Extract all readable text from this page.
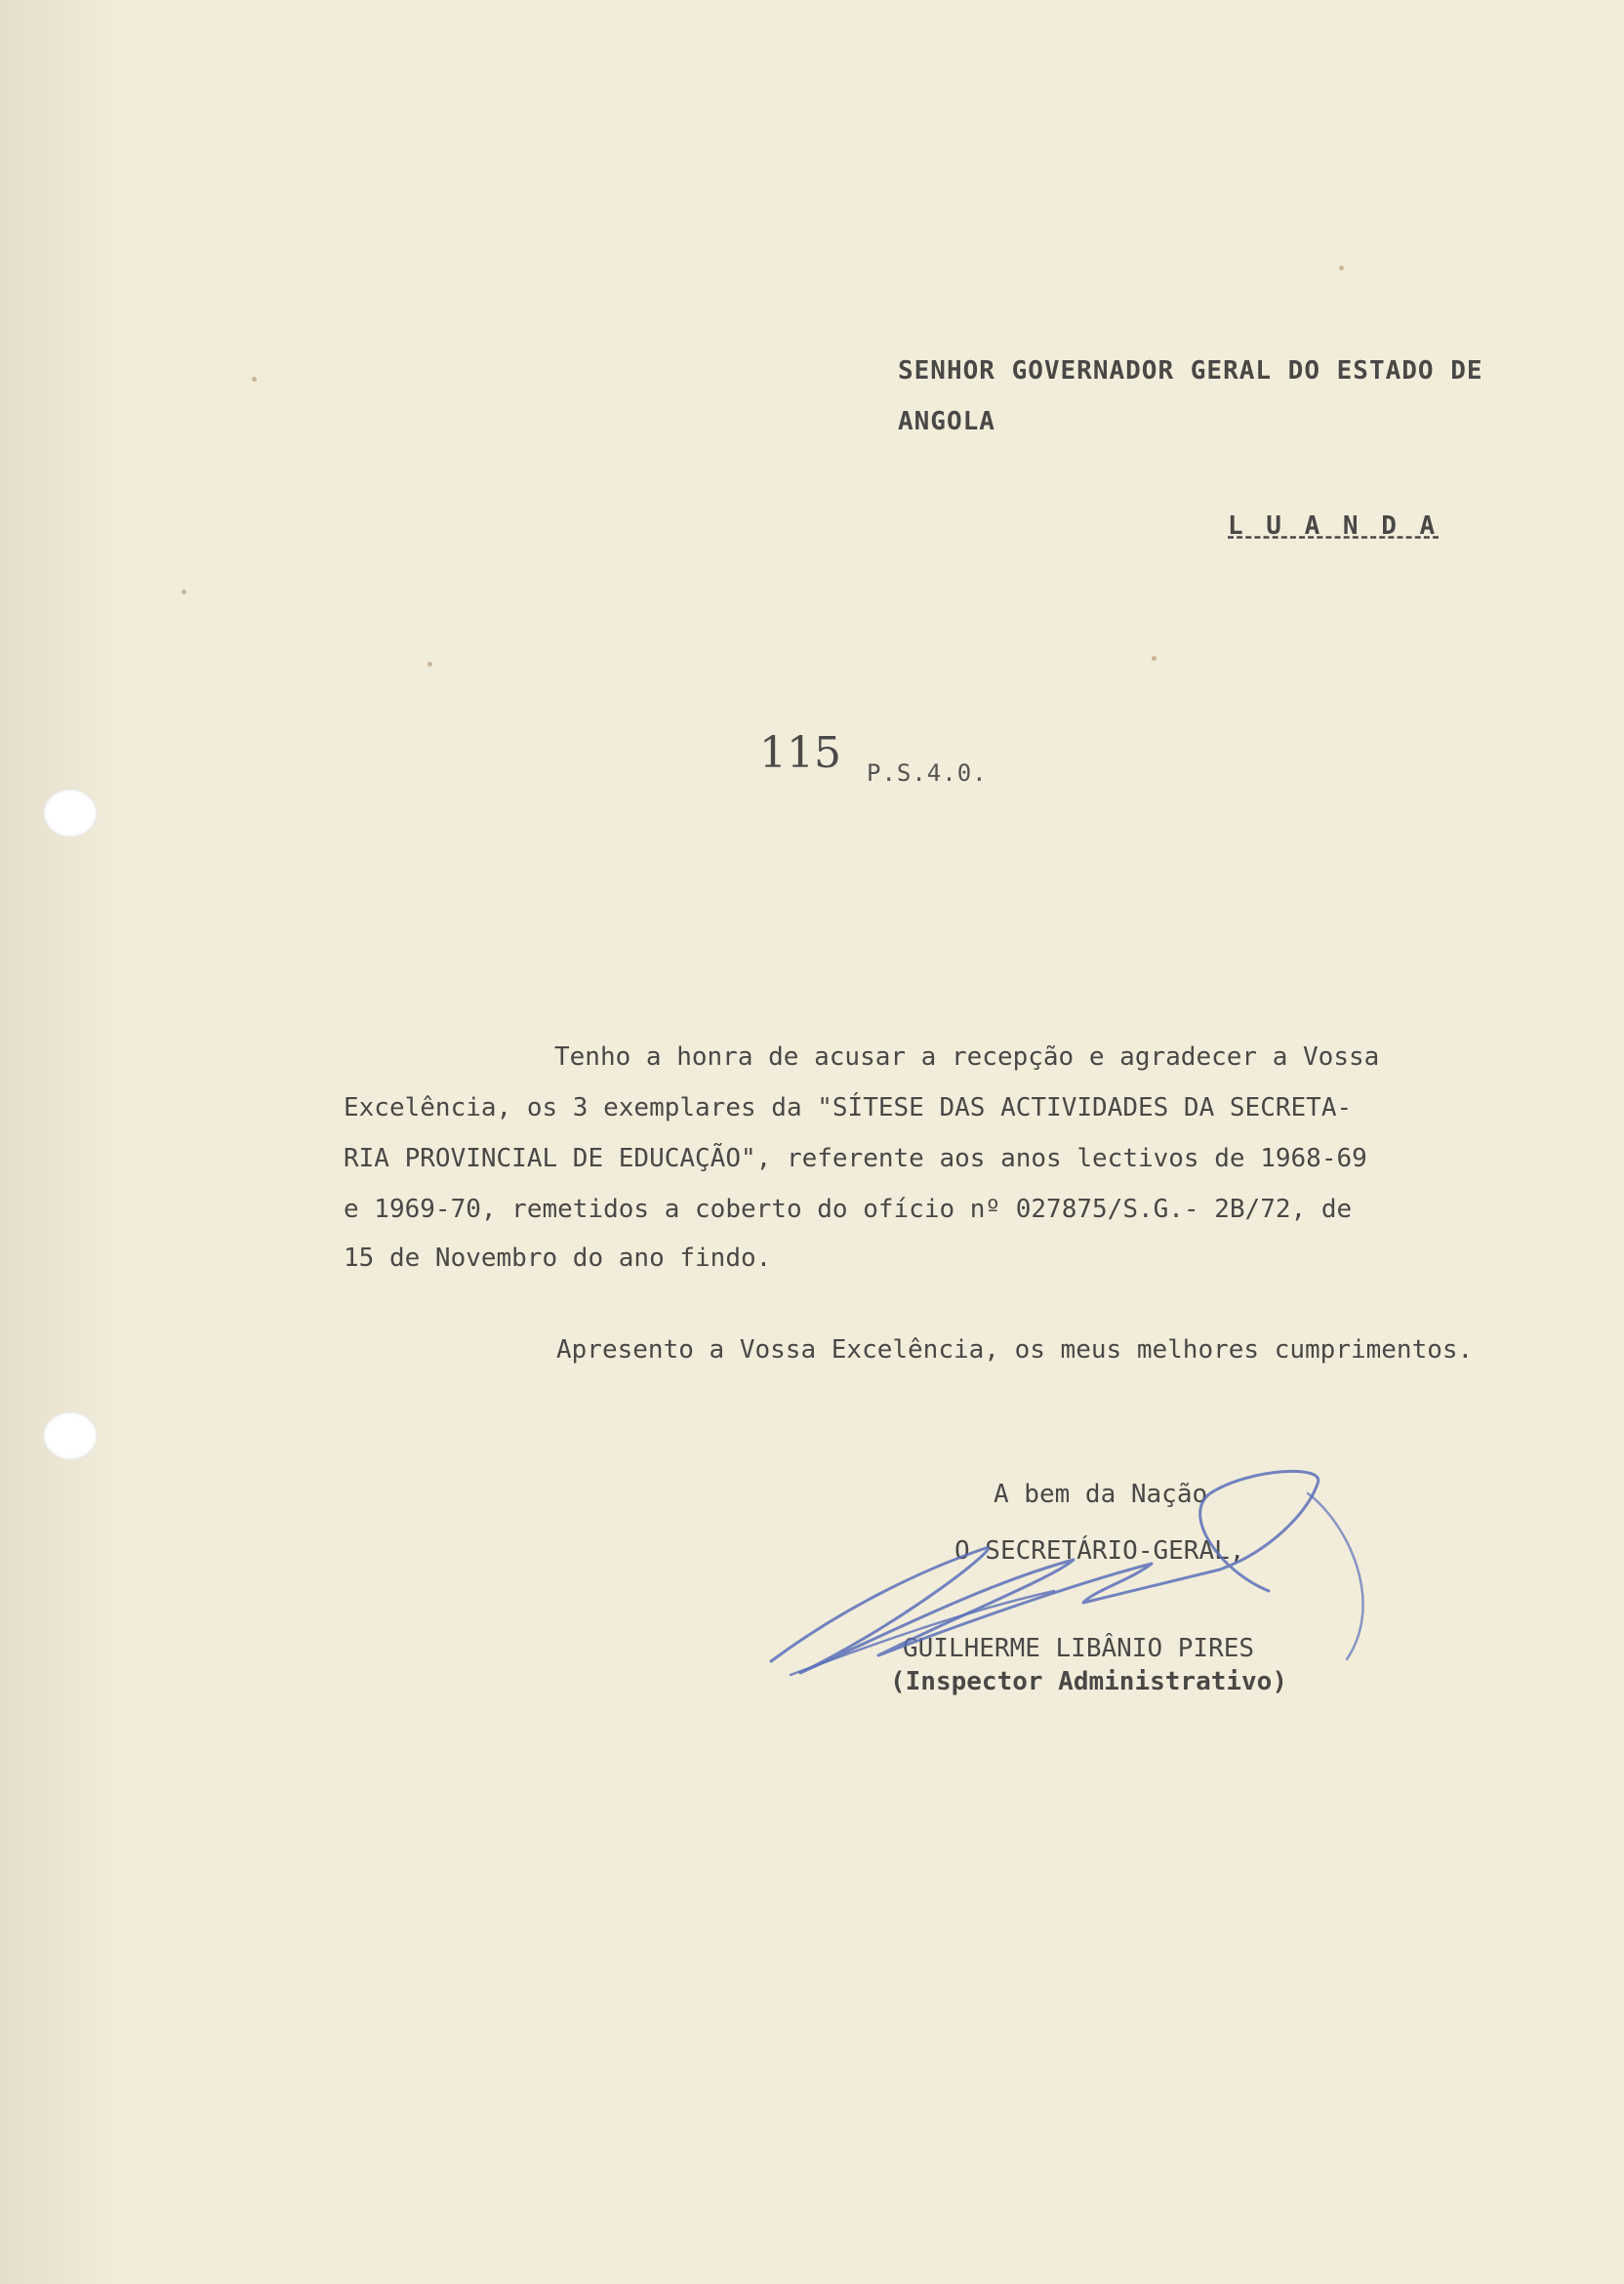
SENHOR GOVERNADOR GERAL DO ESTADO DE
ANGOLA
L U A N D A
115 P.S.4.0.
Tenho a honra de acusar a recepção e agradecer a Vossa
Excelência, os 3 exemplares da "SÍTESE DAS ACTIVIDADES DA SECRETA-
RIA PROVINCIAL DE EDUCAÇÃO", referente aos anos lectivos de 1968-69
e 1969-70, remetidos a coberto do ofício nº 027875/S.G.- 2B/72, de
15 de Novembro do ano findo.
Apresento a Vossa Excelência, os meus melhores cumprimentos.
A bem da Nação
O SECRETÁRIO-GERAL,
GUILHERME LIBÂNIO PIRES
(Inspector Administrativo)
